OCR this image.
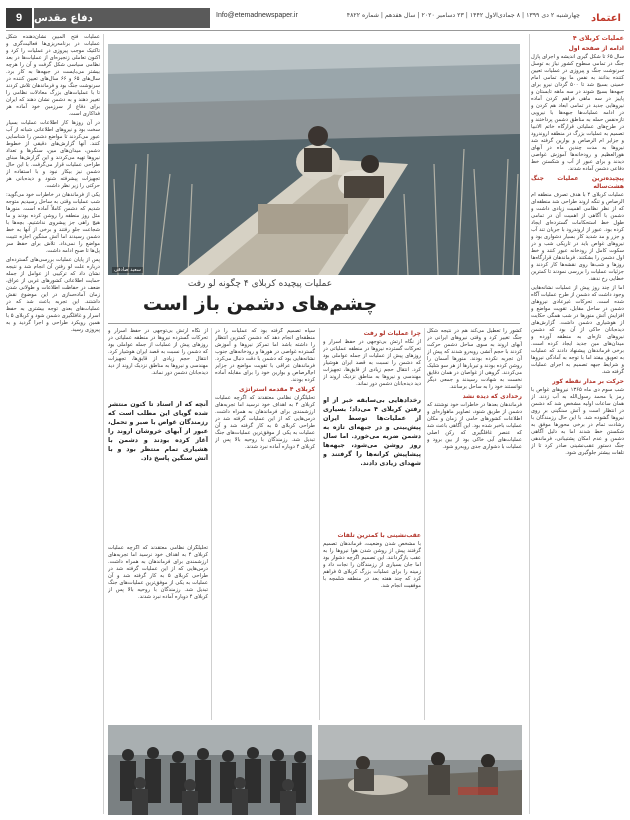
اعتماد
چهارشنبه ۲ دی ۱۳۹۹ | ۸ جمادی‌الاول ۱۴۴۲ | ۲۳ دسامبر ۲۰۲۰ | سال هفدهم | شماره ۴۸۲۲
Info@etemadnewspaper.ir
دفاع مقدس
9
عملیات کربلای ۴
ادامه از صفحه اول

سال ۶۵ تا شکل گیری اندیشه و اجرای پازل جنگ در تمامی سطوح کشور نیاز به توسل سرنوشت جنگ و پیروزی در عملیات تعیین کننده بدانند به نفس ما بود تمامی امام خمینی بسیج شد تا ۵۰۰ گردان نیرو برای جبهه‌ها بسیج شوند در سه ماهه تابستان و پاییز در سه ماهی فراهم کردن آماده نیروهایی جدید در تمامی ابعاد هم کردن و در ادامه عملیات‌ها جبهه‌ها با نیرویی تازه‌نفس حمله به مناطق دشمن پرداختند و در طرح‌های عملیاتی قرارگاه خاتم الانبیا تصمیم به عملیات بزرگ در منطقه اروندرود و جزایر ام الرصاص و بوارین گرفته شد نیروها به مدت چندین ماه در آبهای هورالعظیم و رودخانه‌ها آموزش غواصی دیدند و برای عبور از آب و شکستن خط دفاعی دشمن آماده شدند.

پیچیده‌ترین عملیات جنگ هشت‌ساله

عملیات کربلای ۴ با هدف تصرف منطقه ام الرصاص و تنگه اروند طراحی شد منطقه‌ای که از نظر نظامی اهمیت زیادی داشت و دشمن با آگاهی از اهمیت آن در تمامی طول خط استحکامات گسترده‌ای ایجاد کرده بود. عبور از اروندرود با جریان تند آب و جزر و مد شدید کار بسیار دشواری بود و نیروهای غواص باید در تاریکی شب و در سکوت کامل از رودخانه عبور کنند و خط اول دشمن را بشکنند. فرماندهان قرارگاه‌ها روزها و شب‌ها روی نقشه‌ها کار کردند و جزئیات عملیات را بررسی نمودند تا کمترین خطایی رخ ندهد.

اما از چند روز پیش از عملیات نشانه‌هایی وجود داشت که دشمن از طرح عملیات آگاه شده است. تحرکات غیرعادی نیروهای دشمن در ساحل مقابل، تقویت مواضع و افزایش آتش منورها در شب همگی حکایت از هوشیاری دشمن داشت. گزارش‌های دیده‌بانان حاکی از آن بود که دشمن نیروهای تازه‌ای به منطقه آورده و میدان‌های مین جدید ایجاد کرده است. برخی فرماندهان پیشنهاد دادند که عملیات به تعویق بیفتد اما با توجه به آمادگی نیروها و شرایط جبهه تصمیم به اجرای عملیات گرفته شد.

حرکت بر مدار نقطه کور

شب سوم دی ماه ۱۳۶۵ نیروهای غواص با رمز یا محمد رسول‌الله به آب زدند. از همان ساعات اولیه مشخص شد که دشمن در انتظار است و آتش سنگینی بر روی نیروها گشوده شد. با این حال رزمندگان با رشادت تمام در برخی محورها موفق به شکستن خط شدند اما به دلیل آگاهی دشمن و عدم امکان پشتیبانی، فرماندهی جنگ دستور عقب‌نشینی صادر کرد تا از تلفات بیشتر جلوگیری شود.

سعید صادقی
عملیات پیچیده کربلای ۴ چگونه لو رفت
چشم‌های دشمن باز است

کشور را تعطیل می‌کند هم در نتیجه شکل جنگ تغییر کرد و وقتی نیروهای ایرانی در آبهای اروند به سوی ساحل دشمن حرکت کردند با حجم آتشی روبه‌رو شدند که پیش از آن تجربه نکرده بودند. منورها آسمان را روشن کرده بودند و تیربارها از هر سو شلیک می‌کردند. گروهی از غواصان در همان دقایق نخست به شهادت رسیدند و جمعی دیگر توانستند خود را به ساحل برسانند.

رخدادی که دیده نشد

فرماندهان بعدها در خاطرات خود نوشتند که دشمن از طریق شنود، تصاویر ماهواره‌ای و اطلاعات کشورهای حامی از زمان و مکان عملیات باخبر شده بود. این آگاهی باعث شد که عنصر غافلگیری که رکن اصلی عملیات‌های آبی خاکی بود از بین برود و عملیات با دشواری جدی روبه‌رو شود.

رخدادهایی بی‌سابقه خبر از او رفتن کربلای ۴ می‌داد؛ بسیاری از عملیات‌ها توسط ایران پیش‌بینی و در جبهه‌ای تازه به دشمن ضربه می‌خورد. اما سال روز روشن می‌شود، جبهه‌ها پیشاپیش کرانه‌ها را گرفتند و شهدای زیادی دادند.
چرا عملیات لو رفت

از نگاه ارتش بی‌توجهی در حفظ اسرار و تحرکات گسترده نیروها در منطقه عملیاتی در روزهای پیش از عملیات از جمله عواملی بود که دشمن را نسبت به قصد ایران هوشیار کرد. انتقال حجم زیادی از قایق‌ها، تجهیزات مهندسی و نیروها به مناطق نزدیک اروند از دید دیده‌بانان دشمن دور نماند.

عقب‌نشینی با کمترین تلفات

با مشخص شدن وضعیت، فرماندهان تصمیم گرفتند پیش از روشن شدن هوا نیروها را به عقب بازگردانند. این تصمیم اگرچه دشوار بود اما جان بسیاری از رزمندگان را نجات داد و زمینه را برای عملیات بزرگ کربلای ۵ فراهم کرد که چند هفته بعد در منطقه شلمچه با موفقیت انجام شد.

سپاه تصمیم گرفته بود که عملیات را در منطقه‌ای انجام دهد که دشمن کمترین انتظار را داشته باشد اما تمرکز نیروها و آموزش گسترده غواصی در هورها و رودخانه‌های جنوب نشانه‌هایی بود که دشمن با دقت دنبال می‌کرد. فرماندهان عراقی با تقویت مواضع در جزایر ام‌الرصاص و بوارین خود را برای مقابله آماده کرده بودند.

کربلای ۴ مقدمه استراتژی

تحلیلگران نظامی معتقدند که اگرچه عملیات کربلای ۴ به اهداف خود نرسید اما تجربه‌های ارزشمندی برای فرماندهان به همراه داشت. درس‌هایی که از این عملیات گرفته شد در طراحی کربلای ۵ به کار گرفته شد و آن عملیات به یکی از موفق‌ترین عملیات‌های جنگ تبدیل شد. رزمندگان با روحیه بالا پس از کربلای ۴ دوباره آماده نبرد شدند.

آنچه که از اسناد تا کنون منتشر شده گویای این مطلب است که رزمندگان غواص با صبر و تحمل، عبور از آبهای خروشان اروند را آغاز کرده بودند و دشمن با هشیاری تمام منتظر بود و با آتش سنگین پاسخ داد.

از نگاه ارتش بی‌توجهی در حفظ اسرار و تحرکات گسترده نیروها در منطقه عملیاتی در روزهای پیش از عملیات از جمله عواملی بود که دشمن را نسبت به قصد ایران هوشیار کرد. انتقال حجم زیادی از قایق‌ها، تجهیزات مهندسی و نیروها به مناطق نزدیک اروند از دید دیده‌بانان دشمن دور نماند.

تحلیلگران نظامی معتقدند که اگرچه عملیات کربلای ۴ به اهداف خود نرسید اما تجربه‌های ارزشمندی برای فرماندهان به همراه داشت. درس‌هایی که از این عملیات گرفته شد در طراحی کربلای ۵ به کار گرفته شد و آن عملیات به یکی از موفق‌ترین عملیات‌های جنگ تبدیل شد. رزمندگان با روحیه بالا پس از کربلای ۴ دوباره آماده نبرد شدند.

عملیات فتح المبین نشان‌دهنده شکل عملیات در برنامه‌ریزی‌ها فعالیت‌گری و تاکتیک موجب پیروزی در عملیات را کرد و اکنون تعاملی زنجیره‌ای از عملیات‌ها در بعد نظامی سیاسی شکل گرفت و آن را هرچه بیشتر می‌بایست در جبهه‌ها به کار برد. سال‌های ۶۵ و ۶۶ سال‌های تعیین کننده در سرنوشت جنگ بود و فرماندهان تلاش کردند تا با عملیات‌های بزرگ معادلات نظامی را تغییر دهند و به دشمن نشان دهند که ایران برای دفاع از سرزمین خود آماده هر فداکاری است.

در آن روزها کار اطلاعات عملیات بسیار سخت بود و نیروهای اطلاعاتی شبانه از آب عبور می‌کردند تا مواضع دشمن را شناسایی کنند. آنها گزارش‌های دقیقی از خطوط دشمن، میدان‌های مین، سنگرها و تعداد نیروها تهیه می‌کردند و این گزارش‌ها مبنای طراحی عملیات قرار می‌گرفت. با این حال دشمن نیز بیکار نبود و با استفاده از تجهیزات پیشرفته شنود و دیده‌بانی هر حرکتی را زیر نظر داشت.

یکی از فرماندهان در خاطرات خود می‌گوید: شب عملیات وقتی به ساحل رسیدیم متوجه شدیم که دشمن کاملاً آماده است. منورها مثل روز منطقه را روشن کرده بودند و ما هیچ راهی جز پیشروی نداشتیم. بچه‌ها با شجاعت جلو رفتند و برخی از آنها به خط دشمن رسیدند اما آتش سنگین اجازه تثبیت مواضع را نمی‌داد. تلاش برای حفظ سر پل‌ها تا صبح ادامه داشت.

پس از پایان عملیات بررسی‌های گسترده‌ای درباره علت لو رفتن آن انجام شد و نتیجه نشان داد که ترکیبی از عوامل از جمله حمایت اطلاعاتی کشورهای غربی از عراق، ضعف در حفاظت اطلاعات و طولانی شدن زمان آماده‌سازی در این موضوع نقش داشتند. این تجربه باعث شد که در عملیات‌های بعدی توجه بیشتری به حفظ اسرار و غافلگیری دشمن شود و کربلای ۵ با همین رویکرد طراحی و اجرا گردید و به پیروزی رسید.
